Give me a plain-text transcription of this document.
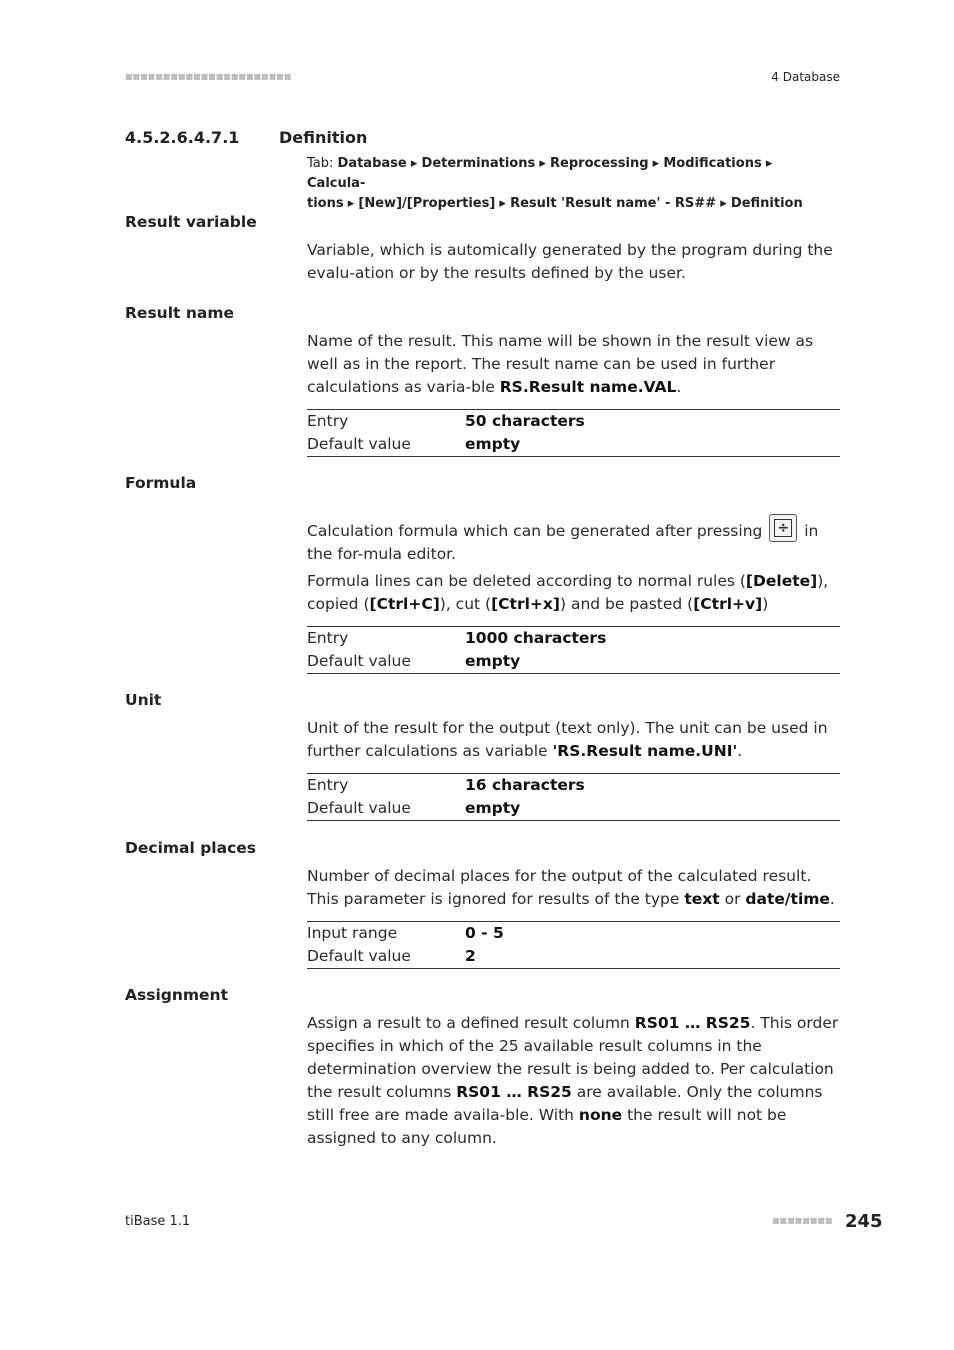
■■■■■■■■■■■■■■■■■■■■■■	4 Database
4.5.2.6.4.7.1 Definition
Tab: Database ▸ Determinations ▸ Reprocessing ▸ Modifications ▸ Calcula-
tions ▸ [New]/[Properties] ▸ Result 'Result name' - RS## ▸ Definition
Result variable
Variable, which is automically generated by the program during the evalu-ation or by the results defined by the user.
Result name
Name of the result. This name will be shown in the result view as well as in the report. The result name can be used in further calculations as varia-ble RS.Result name.VAL.
Entry	50 characters
Default value	empty
Formula
Calculation formula which can be generated after pressing ÷ in the for-mula editor.
Formula lines can be deleted according to normal rules ([Delete]), copied ([Ctrl+C]), cut ([Ctrl+x]) and be pasted ([Ctrl+v])
Entry	1000 characters
Default value	empty
Unit
Unit of the result for the output (text only). The unit can be used in further calculations as variable 'RS.Result name.UNI'.
Entry	16 characters
Default value	empty
Decimal places
Number of decimal places for the output of the calculated result. This parameter is ignored for results of the type text or date/time.
Input range	0 - 5
Default value	2
Assignment
Assign a result to a defined result column RS01 … RS25. This order specifies in which of the 25 available result columns in the determination overview the result is being added to. Per calculation the result columns RS01 … RS25 are available. Only the columns still free are made availa-ble. With none the result will not be assigned to any column.
tiBase 1.1	■■■■■■■■ 245
